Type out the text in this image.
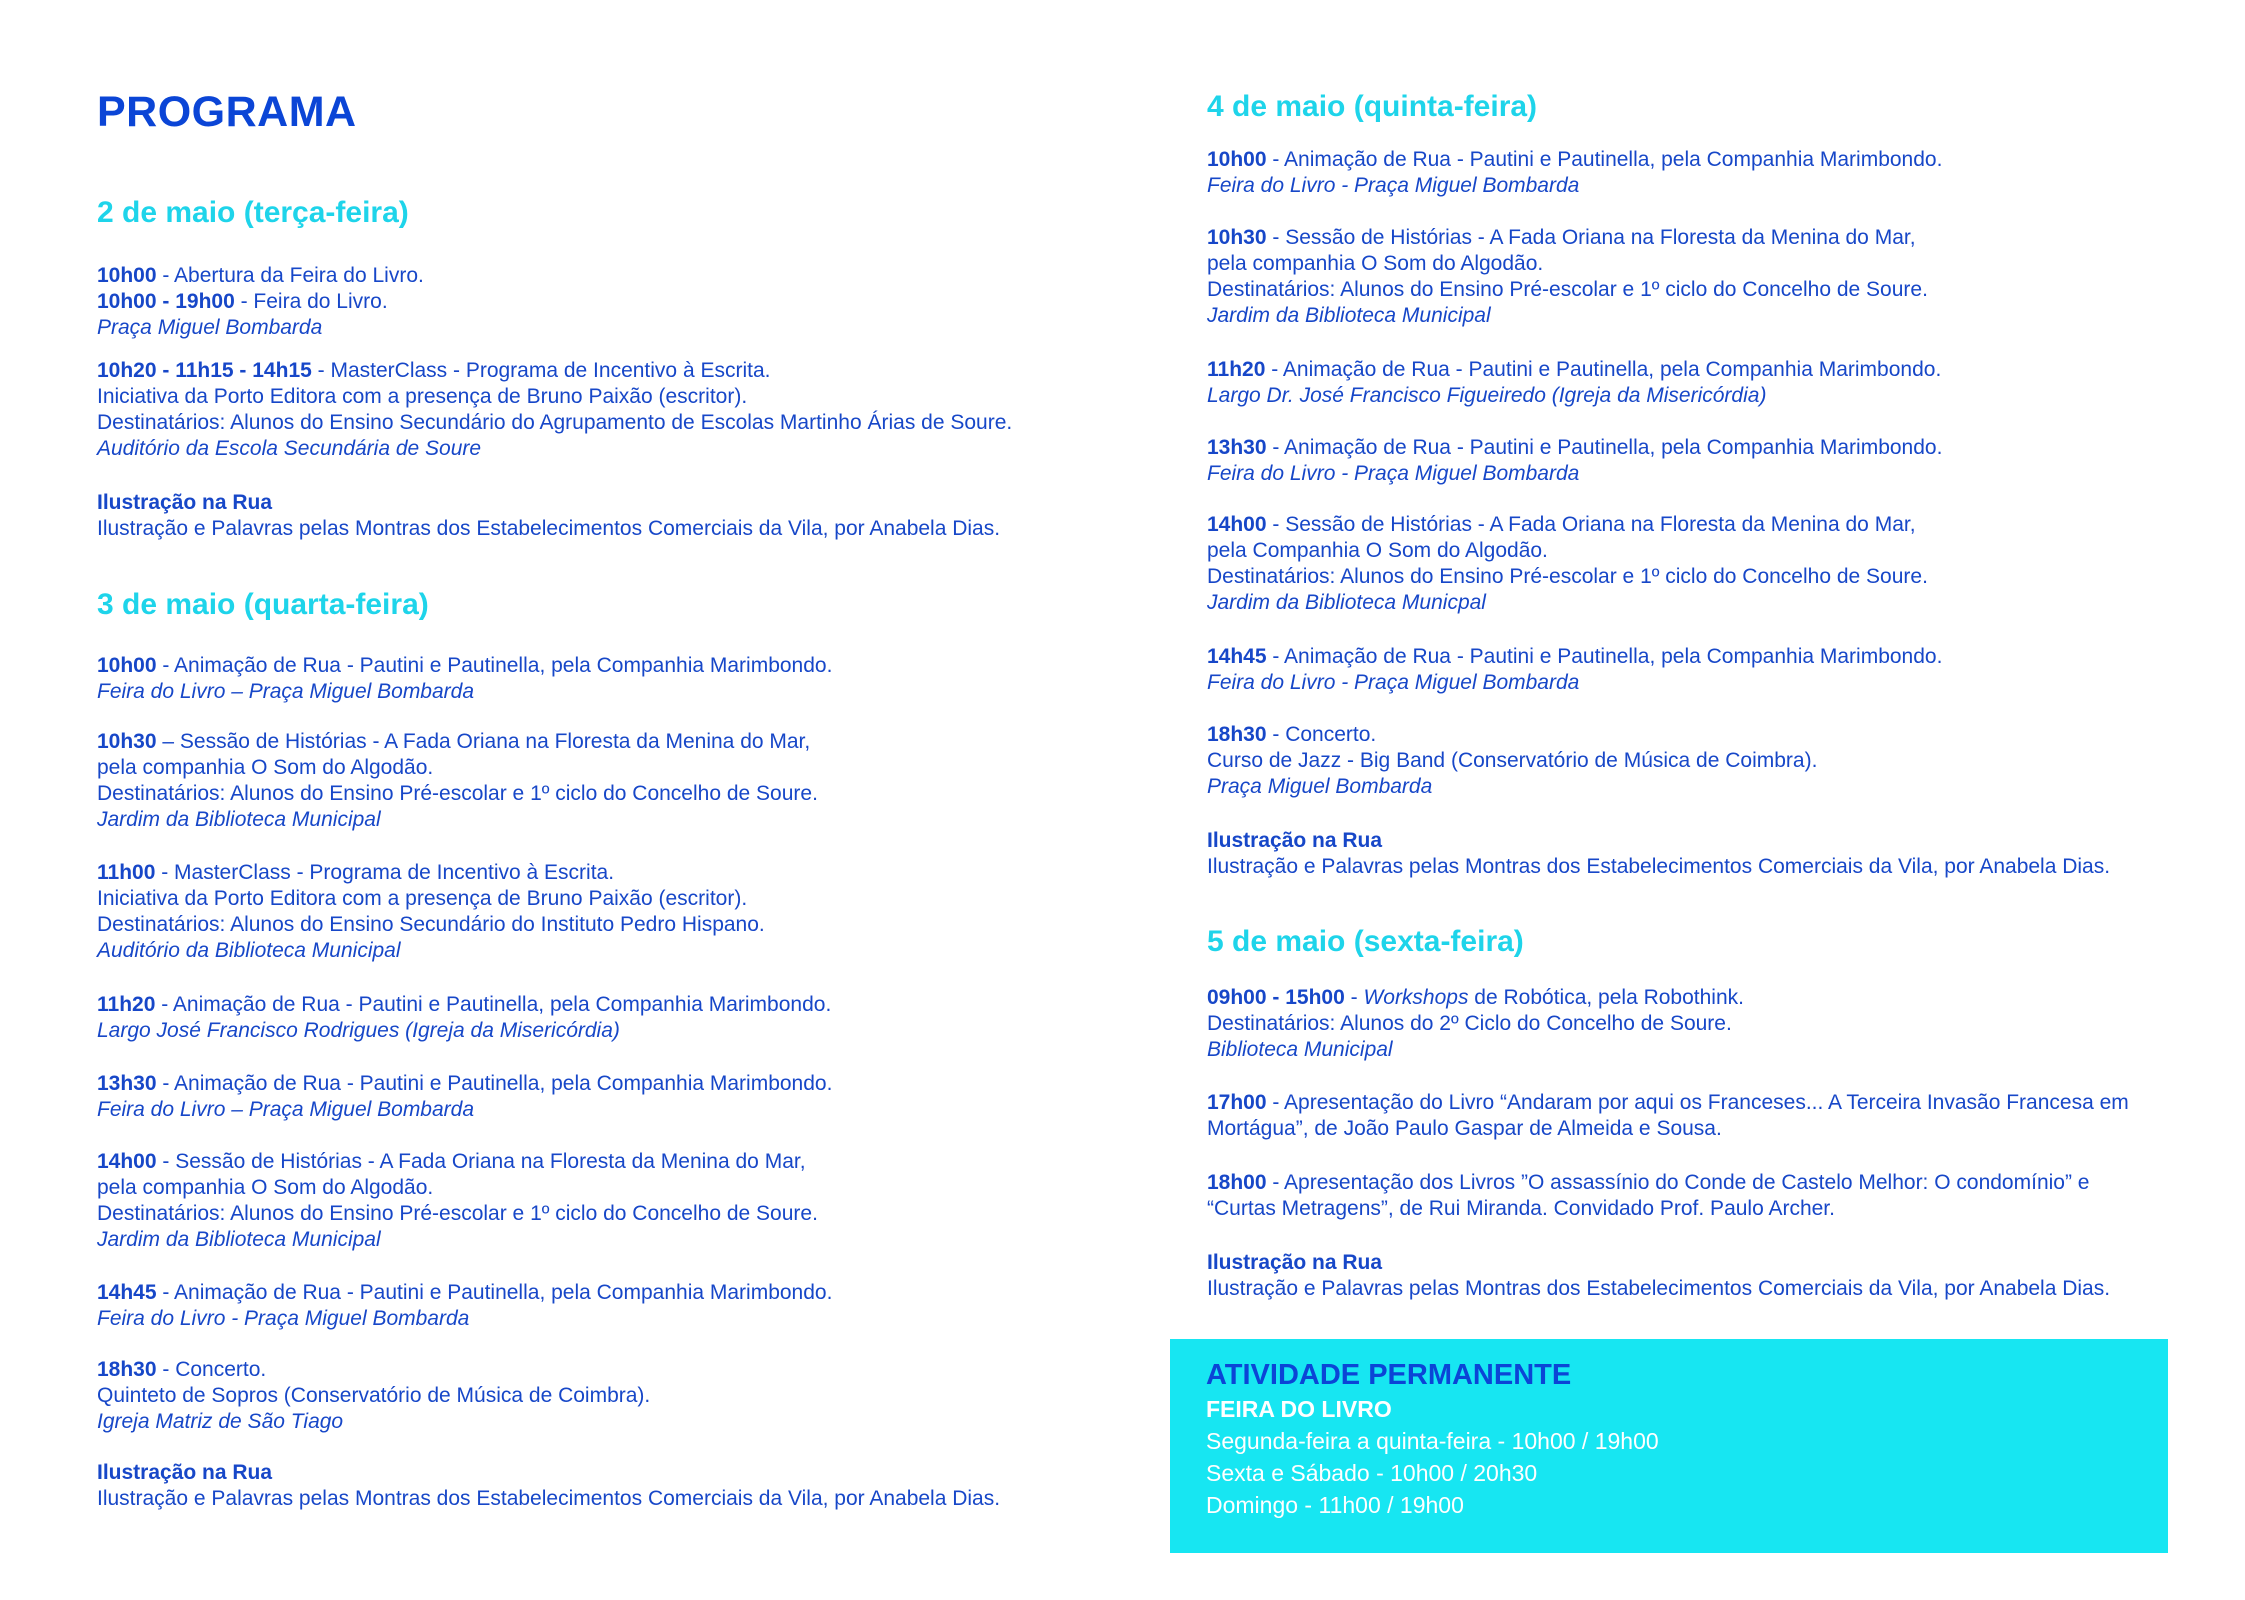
PROGRAMA
2 de maio (terça-feira)

10h00 - Abertura da Feira do Livro.

10h00 - 19h00 - Feira do Livro.

Praça Miguel Bombarda

10h20 - 11h15 - 14h15 - MasterClass - Programa de Incentivo à Escrita.

Iniciativa da Porto Editora com a presença de Bruno Paixão (escritor).

Destinatários: Alunos do Ensino Secundário do Agrupamento de Escolas Martinho Árias de Soure.

Auditório da Escola Secundária de Soure

Ilustração na Rua

Ilustração e Palavras pelas Montras dos Estabelecimentos Comerciais da Vila, por Anabela Dias.

3 de maio (quarta-feira)

10h00 - Animação de Rua - Pautini e Pautinella, pela Companhia Marimbondo.

Feira do Livro – Praça Miguel Bombarda

10h30 – Sessão de Histórias - A Fada Oriana na Floresta da Menina do Mar,

pela companhia O Som do Algodão.

Destinatários: Alunos do Ensino Pré-escolar e 1º ciclo do Concelho de Soure.

Jardim da Biblioteca Municipal

11h00 - MasterClass - Programa de Incentivo à Escrita.

Iniciativa da Porto Editora com a presença de Bruno Paixão (escritor).

Destinatários: Alunos do Ensino Secundário do Instituto Pedro Hispano.

Auditório da Biblioteca Municipal

11h20 - Animação de Rua - Pautini e Pautinella, pela Companhia Marimbondo.

Largo José Francisco Rodrigues (Igreja da Misericórdia)

13h30 - Animação de Rua - Pautini e Pautinella, pela Companhia Marimbondo.

Feira do Livro – Praça Miguel Bombarda

14h00 - Sessão de Histórias - A Fada Oriana na Floresta da Menina do Mar,

pela companhia O Som do Algodão.

Destinatários: Alunos do Ensino Pré-escolar e 1º ciclo do Concelho de Soure.

Jardim da Biblioteca Municipal

14h45 - Animação de Rua - Pautini e Pautinella, pela Companhia Marimbondo.

Feira do Livro - Praça Miguel Bombarda

18h30 - Concerto.

Quinteto de Sopros (Conservatório de Música de Coimbra).

Igreja Matriz de São Tiago

Ilustração na Rua

Ilustração e Palavras pelas Montras dos Estabelecimentos Comerciais da Vila, por Anabela Dias.

4 de maio (quinta-feira)

10h00 - Animação de Rua - Pautini e Pautinella, pela Companhia Marimbondo.

Feira do Livro - Praça Miguel Bombarda

10h30 - Sessão de Histórias - A Fada Oriana na Floresta da Menina do Mar,

pela companhia O Som do Algodão.

Destinatários: Alunos do Ensino Pré-escolar e 1º ciclo do Concelho de Soure.

Jardim da Biblioteca Municipal

11h20 - Animação de Rua - Pautini e Pautinella, pela Companhia Marimbondo.

Largo Dr. José Francisco Figueiredo (Igreja da Misericórdia)

13h30 - Animação de Rua - Pautini e Pautinella, pela Companhia Marimbondo.

Feira do Livro - Praça Miguel Bombarda

14h00 - Sessão de Histórias - A Fada Oriana na Floresta da Menina do Mar,

pela Companhia O Som do Algodão.

Destinatários: Alunos do Ensino Pré-escolar e 1º ciclo do Concelho de Soure.

Jardim da Biblioteca Municpal

14h45 - Animação de Rua - Pautini e Pautinella, pela Companhia Marimbondo.

Feira do Livro - Praça Miguel Bombarda

18h30 - Concerto.

Curso de Jazz - Big Band (Conservatório de Música de Coimbra).

Praça Miguel Bombarda

Ilustração na Rua

Ilustração e Palavras pelas Montras dos Estabelecimentos Comerciais da Vila, por Anabela Dias.

5 de maio (sexta-feira)

09h00 - 15h00 - Workshops de Robótica, pela Robothink.

Destinatários: Alunos do 2º Ciclo do Concelho de Soure.

Biblioteca Municipal

17h00 - Apresentação do Livro “Andaram por aqui os Franceses... A Terceira Invasão Francesa em

Mortágua”, de João Paulo Gaspar de Almeida e Sousa.

18h00 - Apresentação dos Livros ”O assassínio do Conde de Castelo Melhor: O condomínio” e

“Curtas Metragens”, de Rui Miranda. Convidado Prof. Paulo Archer.

Ilustração na Rua

Ilustração e Palavras pelas Montras dos Estabelecimentos Comerciais da Vila, por Anabela Dias.

ATIVIDADE PERMANENTE
FEIRA DO LIVRO
Segunda-feira a quinta-feira - 10h00 / 19h00
Sexta e Sábado - 10h00 / 20h30
Domingo - 11h00 / 19h00
